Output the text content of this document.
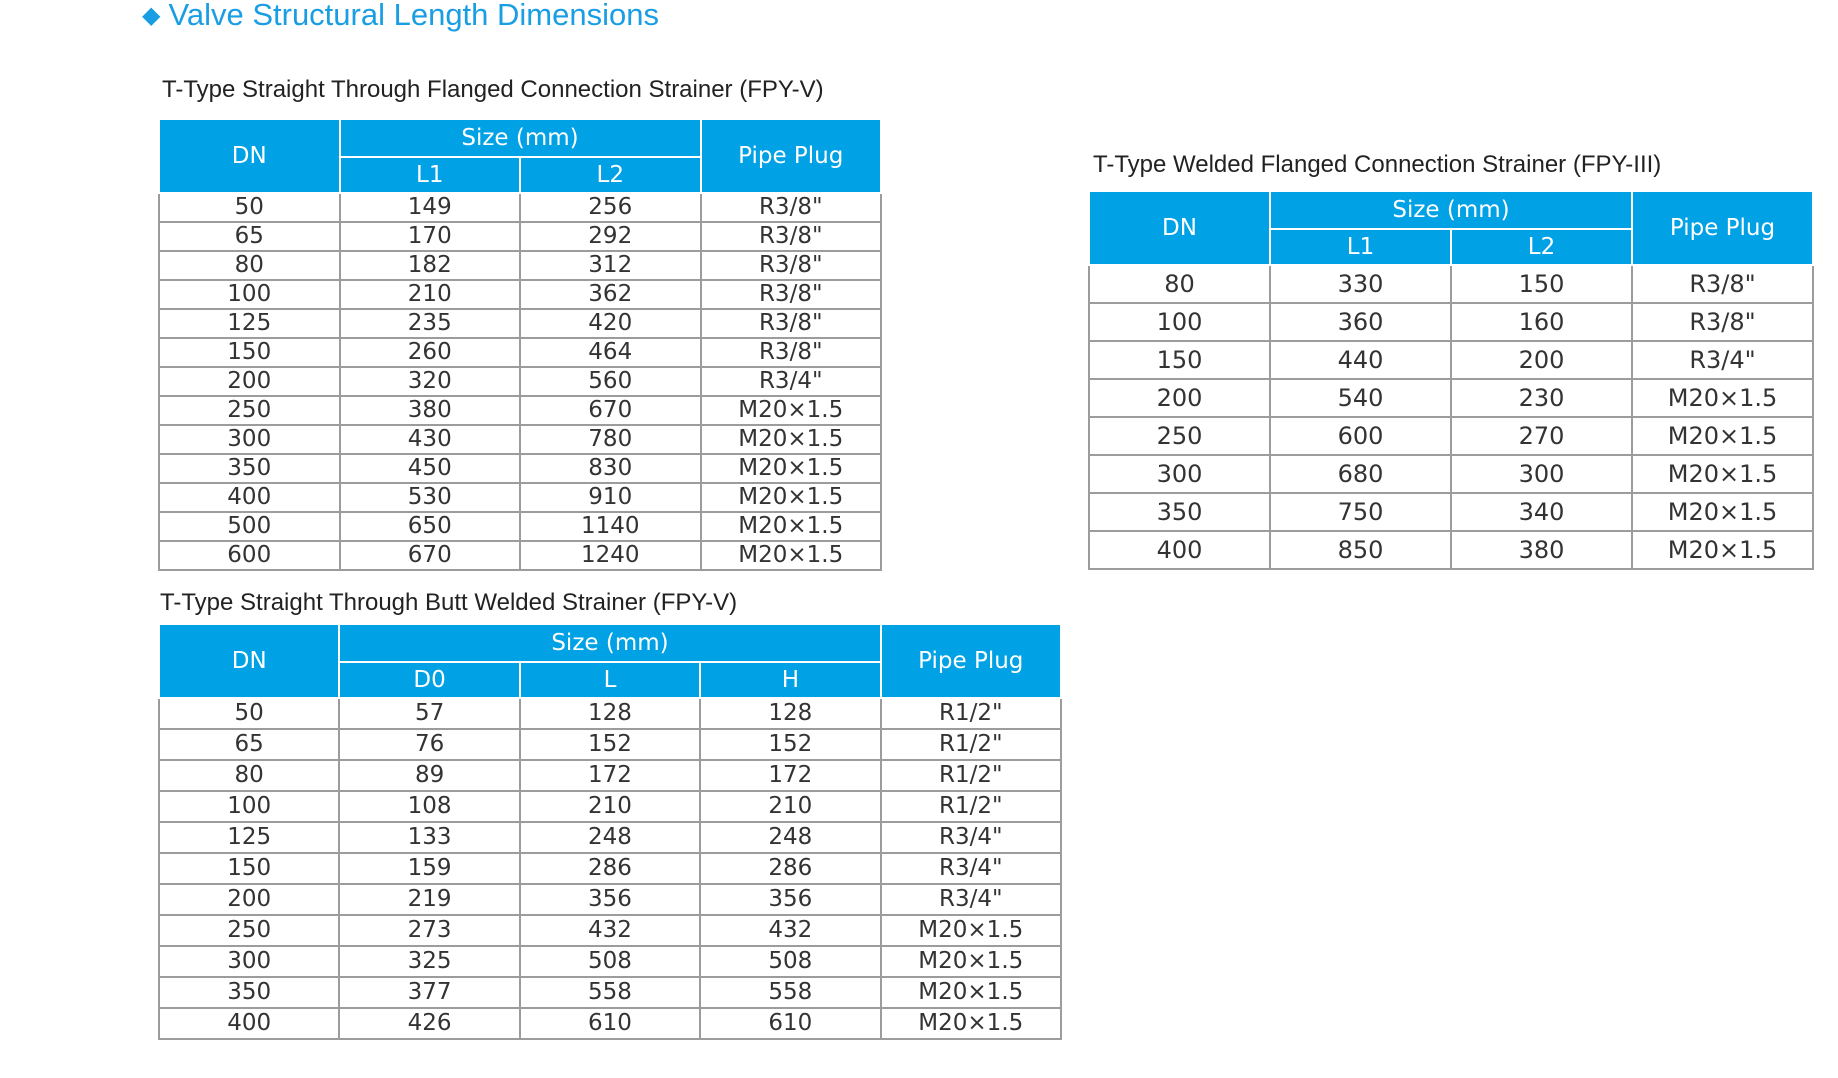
◆ Valve Structural Length Dimensions
T-Type Straight Through Flanged Connection Strainer (FPY-V)
DN	Size (mm)		Pipe Plug
	L1	L2	
50	149	256	R3/8"
65	170	292	R3/8"
80	182	312	R3/8"
100	210	362	R3/8"
125	235	420	R3/8"
150	260	464	R3/8"
200	320	560	R3/4"
250	380	670	M20×1.5
300	430	780	M20×1.5
350	450	830	M20×1.5
400	530	910	M20×1.5
500	650	1140	M20×1.5
600	670	1240	M20×1.5
T-Type Welded Flanged Connection Strainer (FPY-III)
DN	Size (mm)		Pipe Plug
	L1	L2	
80	330	150	R3/8"
100	360	160	R3/8"
150	440	200	R3/4"
200	540	230	M20×1.5
250	600	270	M20×1.5
300	680	300	M20×1.5
350	750	340	M20×1.5
400	850	380	M20×1.5
T-Type Straight Through Butt Welded Strainer (FPY-V)
DN	Size (mm)			Pipe Plug
	D0	L	H	
50	57	128	128	R1/2"
65	76	152	152	R1/2"
80	89	172	172	R1/2"
100	108	210	210	R1/2"
125	133	248	248	R3/4"
150	159	286	286	R3/4"
200	219	356	356	R3/4"
250	273	432	432	M20×1.5
300	325	508	508	M20×1.5
350	377	558	558	M20×1.5
400	426	610	610	M20×1.5
